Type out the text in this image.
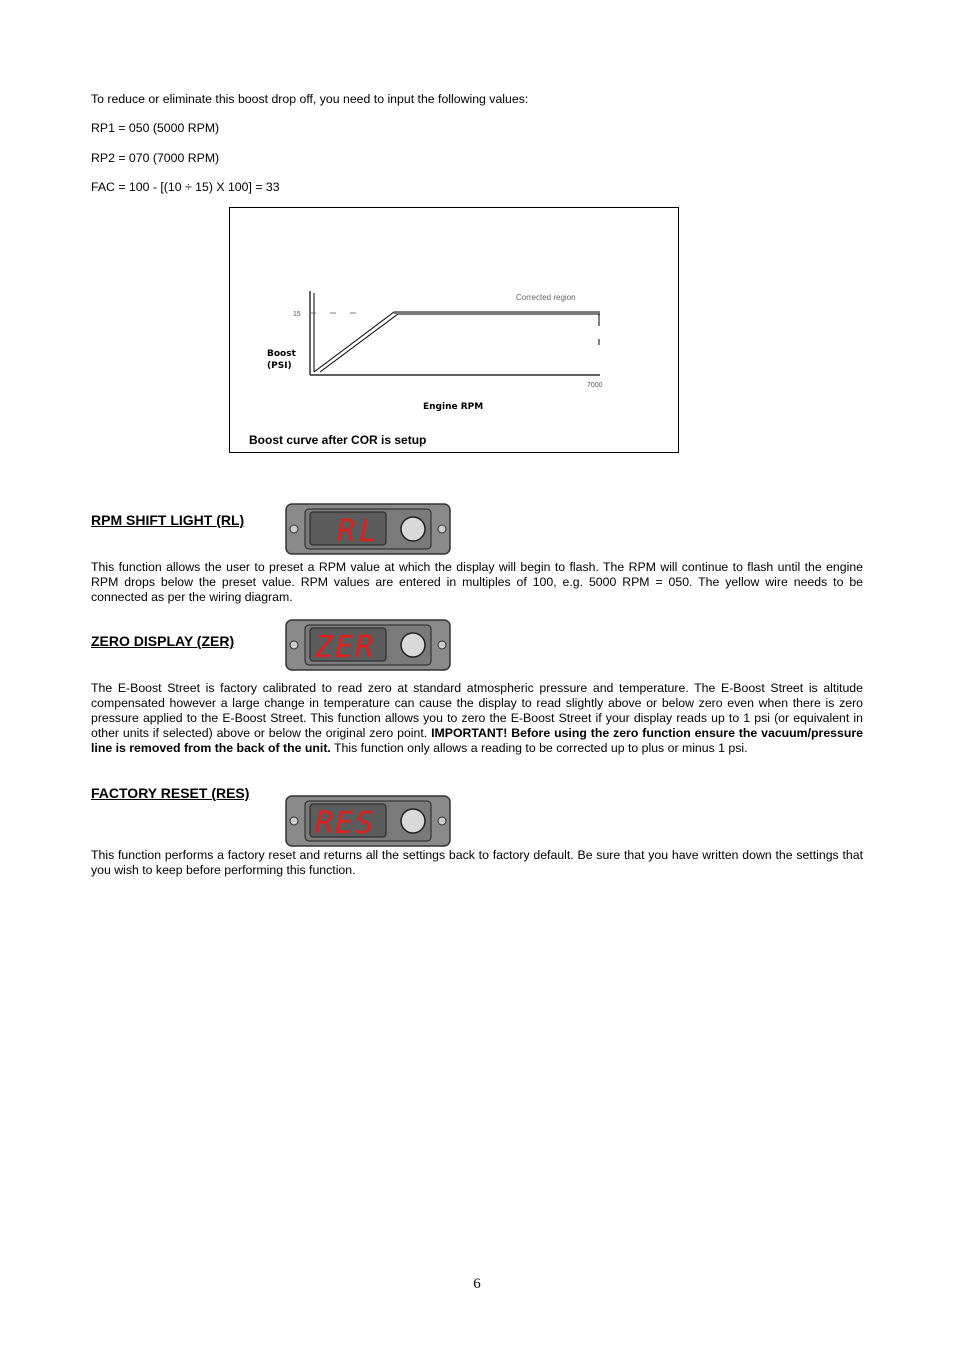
To reduce or eliminate this boost drop off, you need to input the following values:
RP1 = 050 (5000 RPM)
RP2 = 070 (7000 RPM)
FAC = 100 - [(10 ÷ 15) X 100] = 33
Corrected region
15
Boost
(PSI)
7000
Engine RPM
Boost curve after COR is setup
RPM SHIFT LIGHT (RL)	RL
This function allows the user to preset a RPM value at which the display will begin to flash. The RPM will continue to flash until the engine RPM drops below the preset value. RPM values are entered in multiples of 100, e.g. 5000 RPM = 050. The yellow wire needs to be connected as per the wiring diagram.
ZERO DISPLAY (ZER)	ZER
The E-Boost Street is factory calibrated to read zero at standard atmospheric pressure and temperature. The E-Boost Street is altitude compensated however a large change in temperature can cause the display to read slightly above or below zero even when there is zero pressure applied to the E-Boost Street. This function allows you to zero the E-Boost Street if your display reads up to 1 psi (or equivalent in other units if selected) above or below the original zero point. IMPORTANT! Before using the zero function ensure the vacuum/pressure line is removed from the back of the unit. This function only allows a reading to be corrected up to plus or minus 1 psi.
FACTORY RESET (RES)
RES
This function performs a factory reset and returns all the settings back to factory default. Be sure that you have written down the settings that you wish to keep before performing this function.
6
